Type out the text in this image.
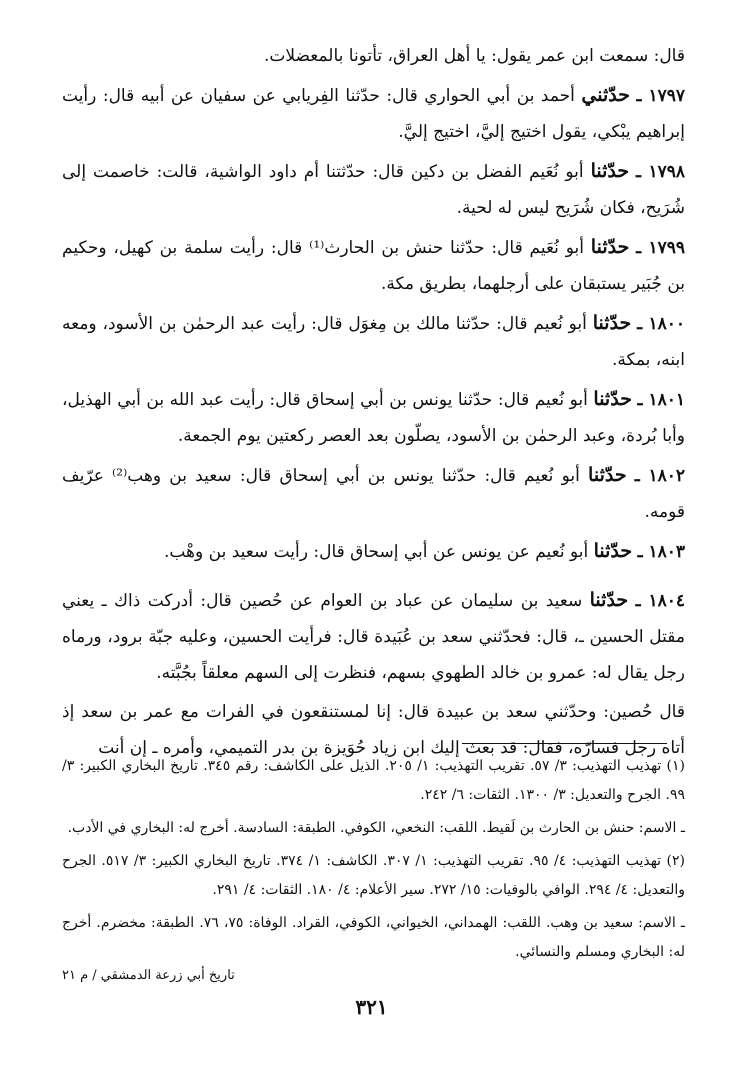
قال: سمعت ابن عمر يقول: يا أهل العراق، تأتونا بالمعضلات.

١٧٩٧ ـ حدّثني أحمد بن أبي الحواري قال: حدّثنا الفِريابي عن سفيان عن أبيه قال: رأيت إبراهيم يبْكي، يقول اختيج إليَّ، اختيج إليَّ.

١٧٩٨ ـ حدّثنا أبو نُعَيم الفضل بن دكين قال: حدّثتنا أم داود الواشية، قالت: خاصمت إلى شُرَيح، فكان شُرَيح ليس له لحية.

١٧٩٩ ـ حدّثنا أبو نُعَيم قال: حدّثنا حنش بن الحارث⁽¹⁾ قال: رأيت سلمة بن كهيل، وحكيم بن جُبَير يستبقان على أرجلهما، بطريق مكة.

١٨٠٠ ـ حدّثنا أبو نُعيم قال: حدّثنا مالك بن مِغوَل قال: رأيت عبد الرحمٰن بن الأسود، ومعه ابنه، بمكة.

١٨٠١ ـ حدّثنا أبو نُعيم قال: حدّثنا يونس بن أبي إسحاق قال: رأيت عبد الله بن أبي الهذيل، وأبا بُردة، وعبد الرحمٰن بن الأسود، يصلّون بعد العصر ركعتين يوم الجمعة.

١٨٠٢ ـ حدّثنا أبو نُعيم قال: حدّثنا يونس بن أبي إسحاق قال: سعيد بن وهب⁽²⁾ عرّيف قومه.

١٨٠٣ ـ حدّثنا أبو نُعيم عن يونس عن أبي إسحاق قال: رأيت سعيد بن وهْب.

١٨٠٤ ـ حدّثنا سعيد بن سليمان عن عباد بن العوام عن حُصين قال: أدركت ذاك ـ يعني مقتل الحسين ـ، قال: فحدّثني سعد بن عُبَيدة قال: فرأيت الحسين، وعليه جبّة برود، ورماه رجل يقال له: عمرو بن خالد الطهوي بسهم، فنظرت إلى السهم معلقاً بجُبَّته.

قال حُصين: وحدّثني سعد بن عبيدة قال: إنا لمستنقعون في الفرات مع عمر بن سعد إذ أتاه رجل فسارّه، فقال: قد بعث إليك ابن زياد حُوَيزة بن بدر التميمي، وأمره ـ إن أنت

(١) تهذيب التهذيب: ٣/ ٥٧. تقريب التهذيب: ١/ ٢٠٥. الذيل على الكاشف: رقم ٣٤٥. تاريخ البخاري الكبير: ٣/ ٩٩. الجرح والتعديل: ٣/ ١٣٠٠. الثقات: ٦/ ٢٤٢.

ـ الاسم: حنش بن الحارث بن لَقيط. اللقب: النخعي، الكوفي. الطبقة: السادسة. أخرج له: البخاري في الأدب.

(٢) تهذيب التهذيب: ٤/ ٩٥. تقريب التهذيب: ١/ ٣٠٧. الكاشف: ١/ ٣٧٤. تاريخ البخاري الكبير: ٣/ ٥١٧. الجرح والتعديل: ٤/ ٢٩٤. الوافي بالوفيات: ١٥/ ٢٧٢. سير الأعلام: ٤/ ١٨٠. الثقات: ٤/ ٢٩١.

ـ الاسم: سعيد بن وهب. اللقب: الهمداني، الخيواني، الكوفي، القراد. الوفاة: ٧٥، ٧٦. الطبقة: مخضرم. أخرج له: البخاري ومسلم والنسائي.

تاريخ أبي زرعة الدمشقي / م ٢١
٣٢١
